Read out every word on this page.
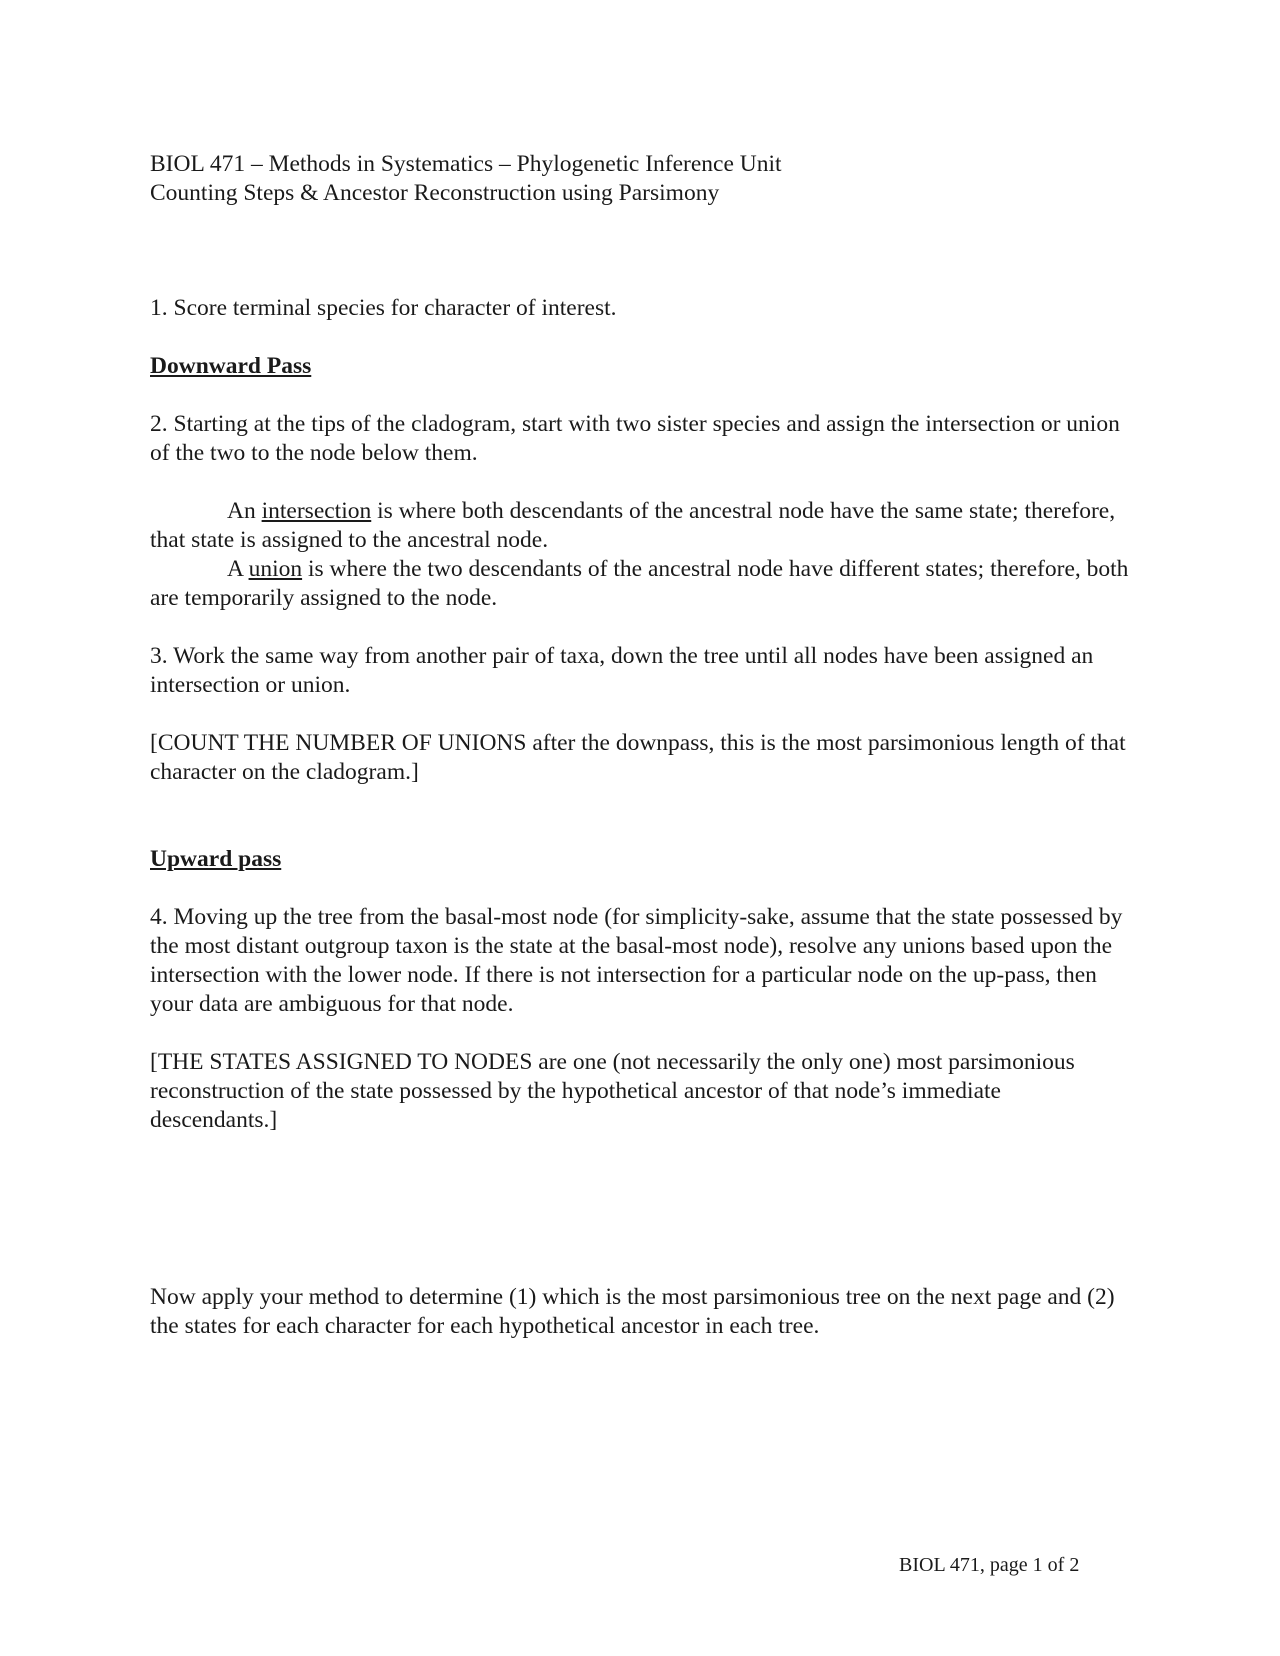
BIOL 471 – Methods in Systematics – Phylogenetic Inference Unit
Counting Steps & Ancestor Reconstruction using Parsimony

1. Score terminal species for character of interest.

Downward Pass

2. Starting at the tips of the cladogram, start with two sister species and assign the intersection or union of the two to the node below them.

An intersection is where both descendants of the ancestral node have the same state; therefore, that state is assigned to the ancestral node.

A union is where the two descendants of the ancestral node have different states; therefore, both are temporarily assigned to the node.

3. Work the same way from another pair of taxa, down the tree until all nodes have been assigned an intersection or union.

[COUNT THE NUMBER OF UNIONS after the downpass, this is the most parsimonious length of that character on the cladogram.]

Upward pass

4. Moving up the tree from the basal-most node (for simplicity-sake, assume that the state possessed by the most distant outgroup taxon is the state at the basal-most node), resolve any unions based upon the intersection with the lower node. If there is not intersection for a particular node on the up-pass, then your data are ambiguous for that node.

[THE STATES ASSIGNED TO NODES are one (not necessarily the only one) most parsimonious reconstruction of the state possessed by the hypothetical ancestor of that node’s immediate descendants.]

Now apply your method to determine (1) which is the most parsimonious tree on the next page and (2) the states for each character for each hypothetical ancestor in each tree.

BIOL 471, page 1 of 2
